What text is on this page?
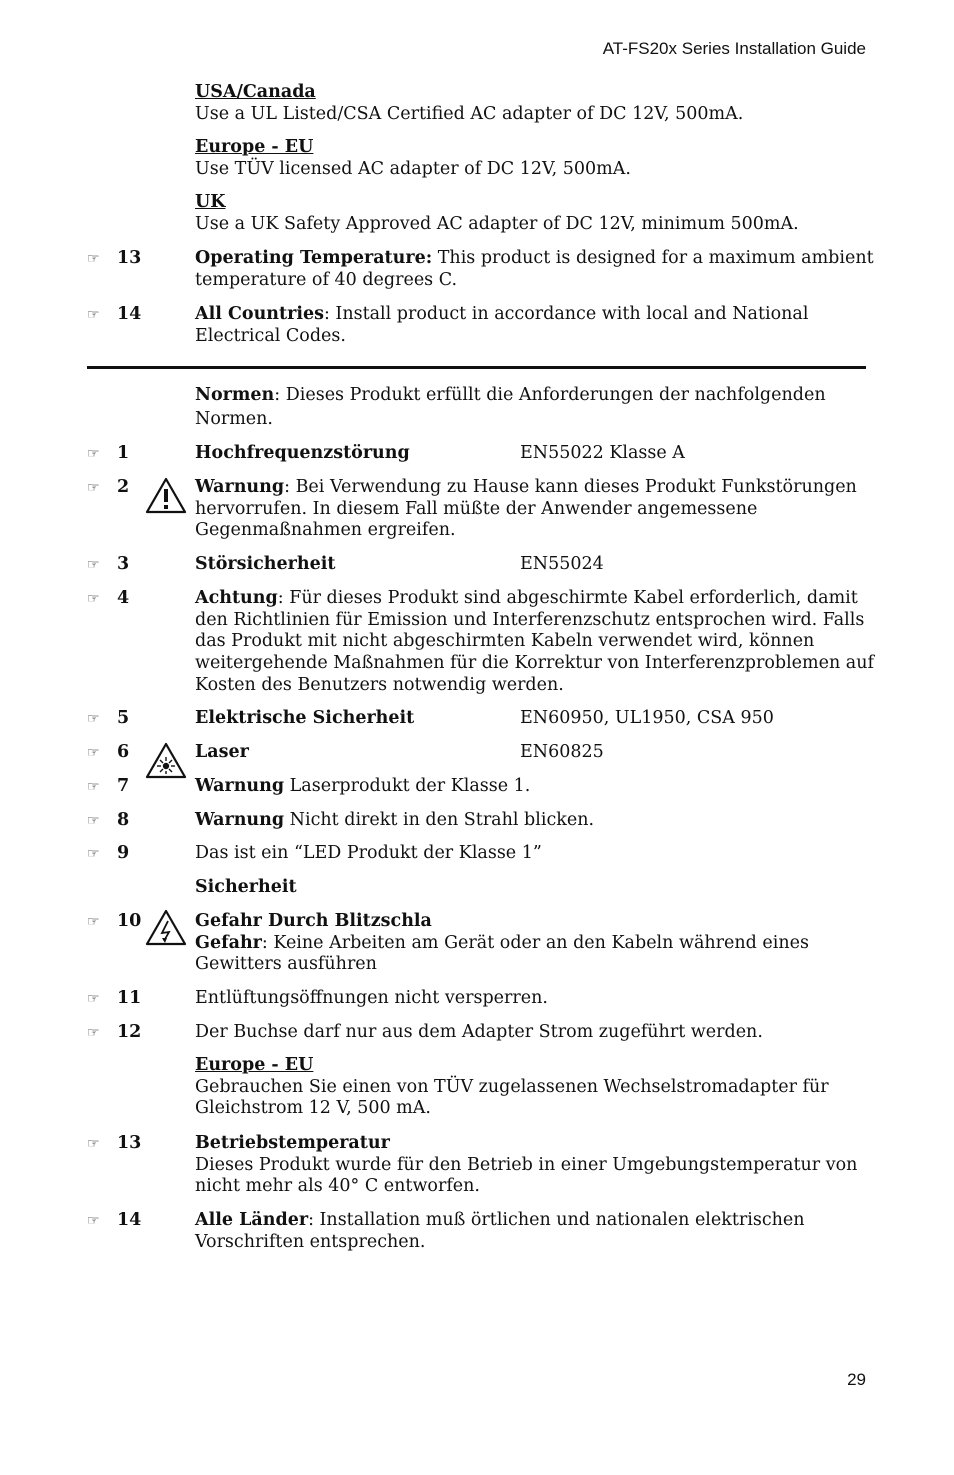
AT-FS20x Series Installation Guide
USA/Canada
Use a UL Listed/CSA Certified AC adapter of DC 12V, 500mA.
Europe - EU
Use TÜV licensed AC adapter of DC 12V, 500mA.
UK
Use a UK Safety Approved AC adapter of DC 12V, minimum 500mA.
☞ 13	Operating Temperature: This product is designed for a maximum ambient temperature of 40 degrees C.
☞ 14	All Countries: Install product in accordance with local and National Electrical Codes.
Normen: Dieses Produkt erfüllt die Anforderungen der nachfolgenden Normen.
☞ 1	Hochfrequenzstörung	EN55022 Klasse A
☞ 2	Warnung: Bei Verwendung zu Hause kann dieses Produkt Funkstörungen hervorrufen. In diesem Fall müßte der Anwender angemessene Gegenmaßnahmen ergreifen.
☞ 3	Störsicherheit	EN55024
☞ 4	Achtung: Für dieses Produkt sind abgeschirmte Kabel erforderlich, damit den Richtlinien für Emission und Interferenzschutz entsprochen wird. Falls das Produkt mit nicht abgeschirmten Kabeln verwendet wird, können weitergehende Maßnahmen für die Korrektur von Interferenzproblemen auf Kosten des Benutzers notwendig werden.
☞ 5	Elektrische Sicherheit	EN60950, UL1950, CSA 950
☞ 6	Laser	EN60825
☞ 7	Warnung Laserprodukt der Klasse 1.
☞ 8	Warnung Nicht direkt in den Strahl blicken.
☞ 9	Das ist ein “LED Produkt der Klasse 1”
Sicherheit
☞ 10	Gefahr Durch Blitzschla
Gefahr: Keine Arbeiten am Gerät oder an den Kabeln während eines Gewitters ausführen
☞ 11	Entlüftungsöffnungen nicht versperren.
☞ 12	Der Buchse darf nur aus dem Adapter Strom zugeführt werden.
Europe - EU
Gebrauchen Sie einen von TÜV zugelassenen Wechselstromadapter für Gleichstrom 12 V, 500 mA.
☞ 13	Betriebstemperatur
Dieses Produkt wurde für den Betrieb in einer Umgebungstemperatur von nicht mehr als 40° C entworfen.
☞ 14	Alle Länder: Installation muß örtlichen und nationalen elektrischen Vorschriften entsprechen.
29
